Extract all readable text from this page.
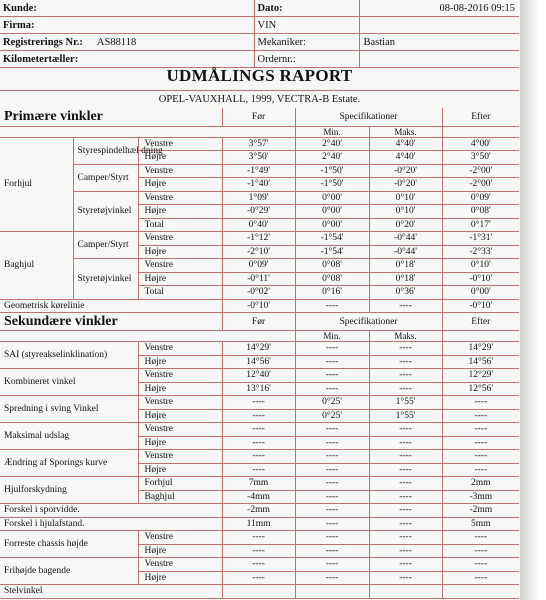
Kunde:	Dato:	08-08-2016 09:15
Firma:	VIN	
Registrerings Nr.: AS88118	Mekaniker:	Bastian
Kilometertæller:	Ordernr.:	
UDMÅLINGS RAPORT
OPEL-VAUXHALL, 1999, VECTRA-B Estate.
Primære vinkler			Før	Specifikationer		Efter
				Min.	Maks.	
Forhjul	Styrespindelhæl dning	Venstre	3°57'	2°40'	4°40'	4°00'
		Højre	3°50'	2°40'	4°40'	3°50'
	Camper/Styrt	Venstre	-1°49'	-1°50'	-0°20'	-2°00'
		Højre	-1°40'	-1°50'	-0°20'	-2°00'
	Styretøjvinkel	Venstre	1°09'	0°00'	0°10'	0°09'
		Højre	-0°29'	0°00'	0°10'	0°08'
		Total	0°40'	0°00'	0°20'	0°17'
Baghjul	Camper/Styrt	Venstre	-1°12'	-1°54'	-0°44'	-1°31'
		Højre	-2°10'	-1°54'	-0°44'	-2°33'
	Styretøjvinkel	Venstre	0°09'	0°08'	0°18'	0°10'
		Højre	-0°11'	0°08'	0°18'	-0°10'
		Total	-0°02'	0°16'	0°36'	0°00'
Geometrisk kørelinie			-0°10'	----	----	-0°10'
Sekundære vinkler			Før	Specifikationer		Efter
				Min.	Maks.	
SAI (styreakselinklination)		Venstre	14°29'	----	----	14°29'
		Højre	14°56'	----	----	14°56'
Kombineret vinkel		Venstre	12°40'	----	----	12°29'
		Højre	13°16'	----	----	12°56'
Spredning i sving Vinkel		Venstre	----	0°25'	1°55'	----
		Højre	----	0°25'	1°55'	----
Maksimal udslag		Venstre	----	----	----	----
		Højre	----	----	----	----
Ændring af Sporings kurve		Venstre	----	----	----	----
		Højre	----	----	----	----
Hjulforskydning		Forhjul	7mm	----	----	2mm
		Baghjul	-4mm	----	----	-3mm
Forskel i sporvidde.			-2mm	----	----	-2mm
Forskel i hjulafstand.			11mm	----	----	5mm
Forreste chassis højde		Venstre	----	----	----	----
		Højre	----	----	----	----
Frihøjde bagende		Venstre	----	----	----	----
		Højre	----	----	----	----
Stelvinkel						
